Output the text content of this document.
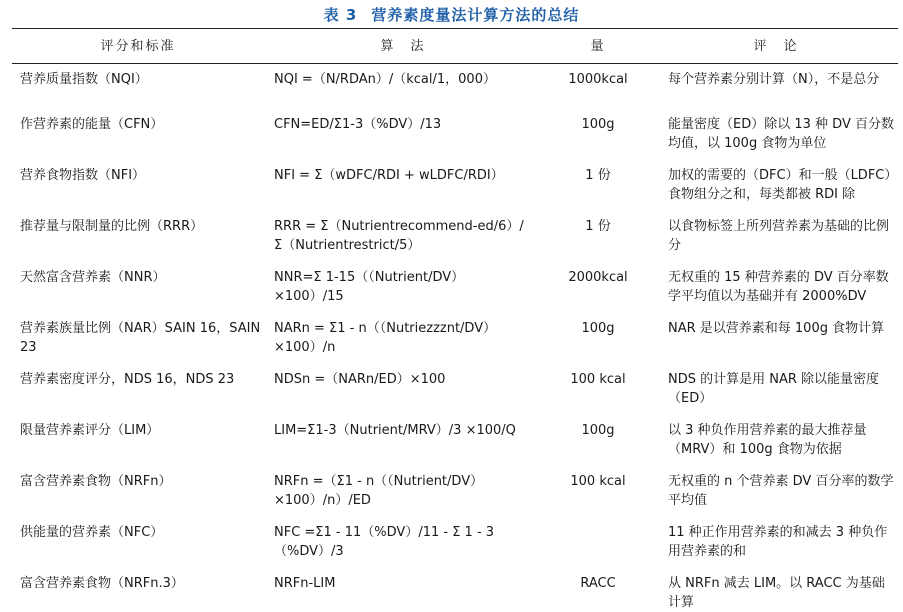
表 3 营养素度量法计算方法的总结
评分和标准	算　法	量	评　论
营养质量指数（NQI）	NQI =（N/RDAn）/（kcal/1，000）	1000kcal	每个营养素分别计算（N），不是总分
作营养素的能量（CFN）	CFN=ED/Σ1-3（%DV）/13	100g	能量密度（ED）除以 13 种 DV 百分数均值，以 100g 食物为单位
营养食物指数（NFI）	NFI = Σ（wDFC/RDI + wLDFC/RDI）	1 份	加权的需要的（DFC）和一般（LDFC）食物组分之和，每类都被 RDI 除
推荐量与限制量的比例（RRR）	RRR = Σ（Nutrientrecommend-ed/6）/Σ（Nutrientrestrict/5）	1 份	以食物标签上所列营养素为基础的比例分
天然富含营养素（NNR）	NNR=Σ 1-15（（Nutrient/DV）×100）/15	2000kcal	无权重的 15 种营养素的 DV 百分率数学平均值以为基础并有 2000%DV
营养素族量比例（NAR）SAIN 16，SAIN 23	NARn = Σ1 - n（（Nutriezzznt/DV）×100）/n	100g	NAR 是以营养素和每 100g 食物计算
营养素密度评分，NDS 16，NDS 23	NDSn =（NARn/ED）×100	100 kcal	NDS 的计算是用 NAR 除以能量密度（ED）
限量营养素评分（LIM）	LIM=Σ1-3（Nutrient/MRV）/3 ×100/Q	100g	以 3 种负作用营养素的最大推荐量（MRV）和 100g 食物为依据
富含营养素食物（NRFn）	NRFn =（Σ1 - n（（Nutrient/DV）×100）/n）/ED	100 kcal	无权重的 n 个营养素 DV 百分率的数学平均值
供能量的营养素（NFC）	NFC =Σ1 - 11（%DV）/11 - Σ 1 - 3（%DV）/3		11 种正作用营养素的和减去 3 种负作用营养素的和
富含营养素食物（NRFn.3）	NRFn-LIM	RACC	从 NRFn 减去 LIM。以 RACC 为基础计算
